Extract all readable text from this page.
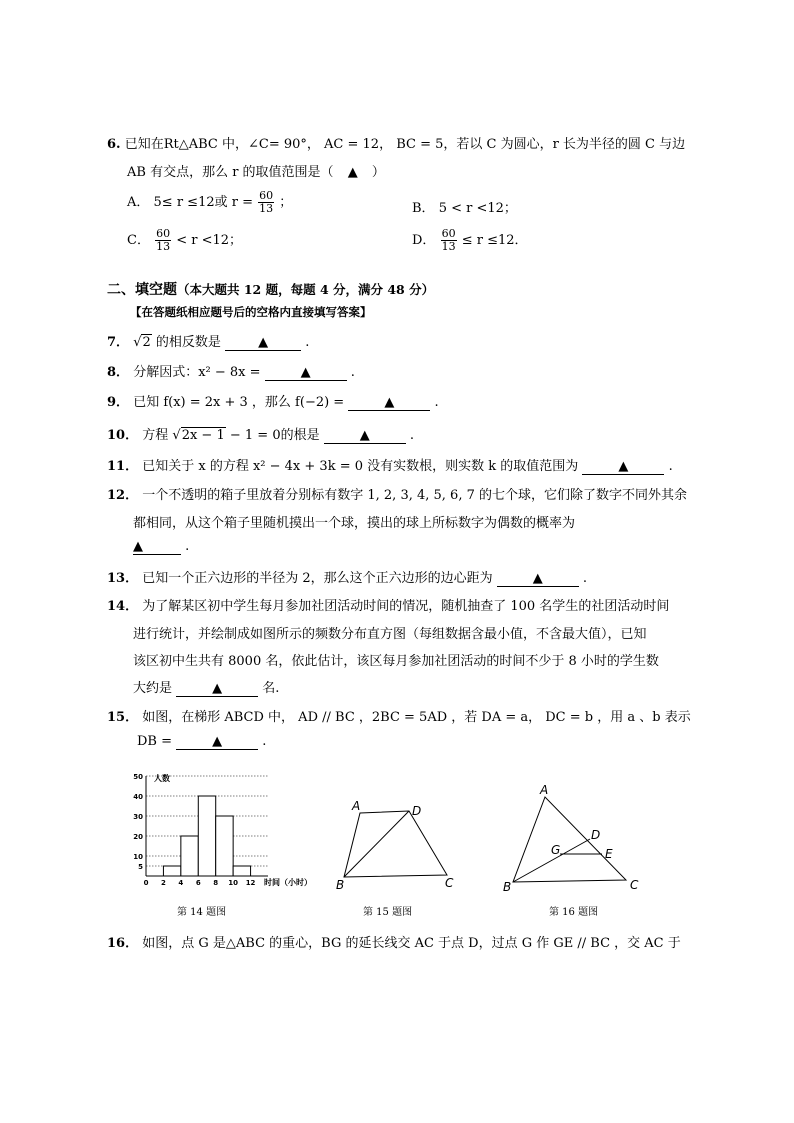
6. 已知在Rt△ABC 中，∠C= 90°， AC = 12， BC = 5，若以 C 为圆心，r 长为半径的圆 C 与边
AB 有交点，那么 r 的取值范围是（ ▲ ）
A． 5≤ r ≤12或 $r = \frac{60}{13}$ ；	B． 5 < r <12；
C． $\frac{60}{13} < r <12$；	D． $\frac{60}{13} \le r \le 12$．
二、填空题（本大题共 12 题，每题 4 分，满分 48 分）
【在答题纸相应题号后的空格内直接填写答案】
7． √2 的相反数是	▲	.
8． 分解因式：x² − 8x =	▲	.
9． 已知 f(x) = 2x + 3 ，那么 f(−2) =	▲	.
10． 方程 √2x − 1 − 1 = 0的根是	▲	.
11． 已知关于 x 的方程 x² − 4x + 3k = 0 没有实数根，则实数 k 的取值范围为	▲	.
12． 一个不透明的箱子里放着分别标有数字 1, 2, 3, 4, 5, 6, 7 的七个球，它们除了数字不同外其余
都相同，从这个箱子里随机摸出一个球，摸出的球上所标数字为偶数的概率为
▲	.
13． 已知一个正六边形的半径为 2，那么这个正六边形的边心距为	▲	.
14． 为了解某区初中学生每月参加社团活动时间的情况，随机抽查了 100 名学生的社团活动时间
进行统计，并绘制成如图所示的频数分布直方图（每组数据含最小值，不含最大值），已知
该区初中生共有 8000 名，依此估计，该区每月参加社团活动的时间不少于 8 小时的学生数
大约是	▲	名.
15． 如图，在梯形 ABCD 中， AD // BC ，2BC = 5AD ，若 DA = a， DC = b ，用 a 、b 表示
DB =	▲	.
0 2 4 6 8 10 12
5
10
20
30
40
50 人数
时间（小时）
第 14 题图
A	D
B	C
第 15 题图
A
D
G	E
B	C
第 16 题图
16． 如图，点 G 是△ABC 的重心，BG 的延长线交 AC 于点 D，过点 G 作 GE // BC ，交 AC 于
